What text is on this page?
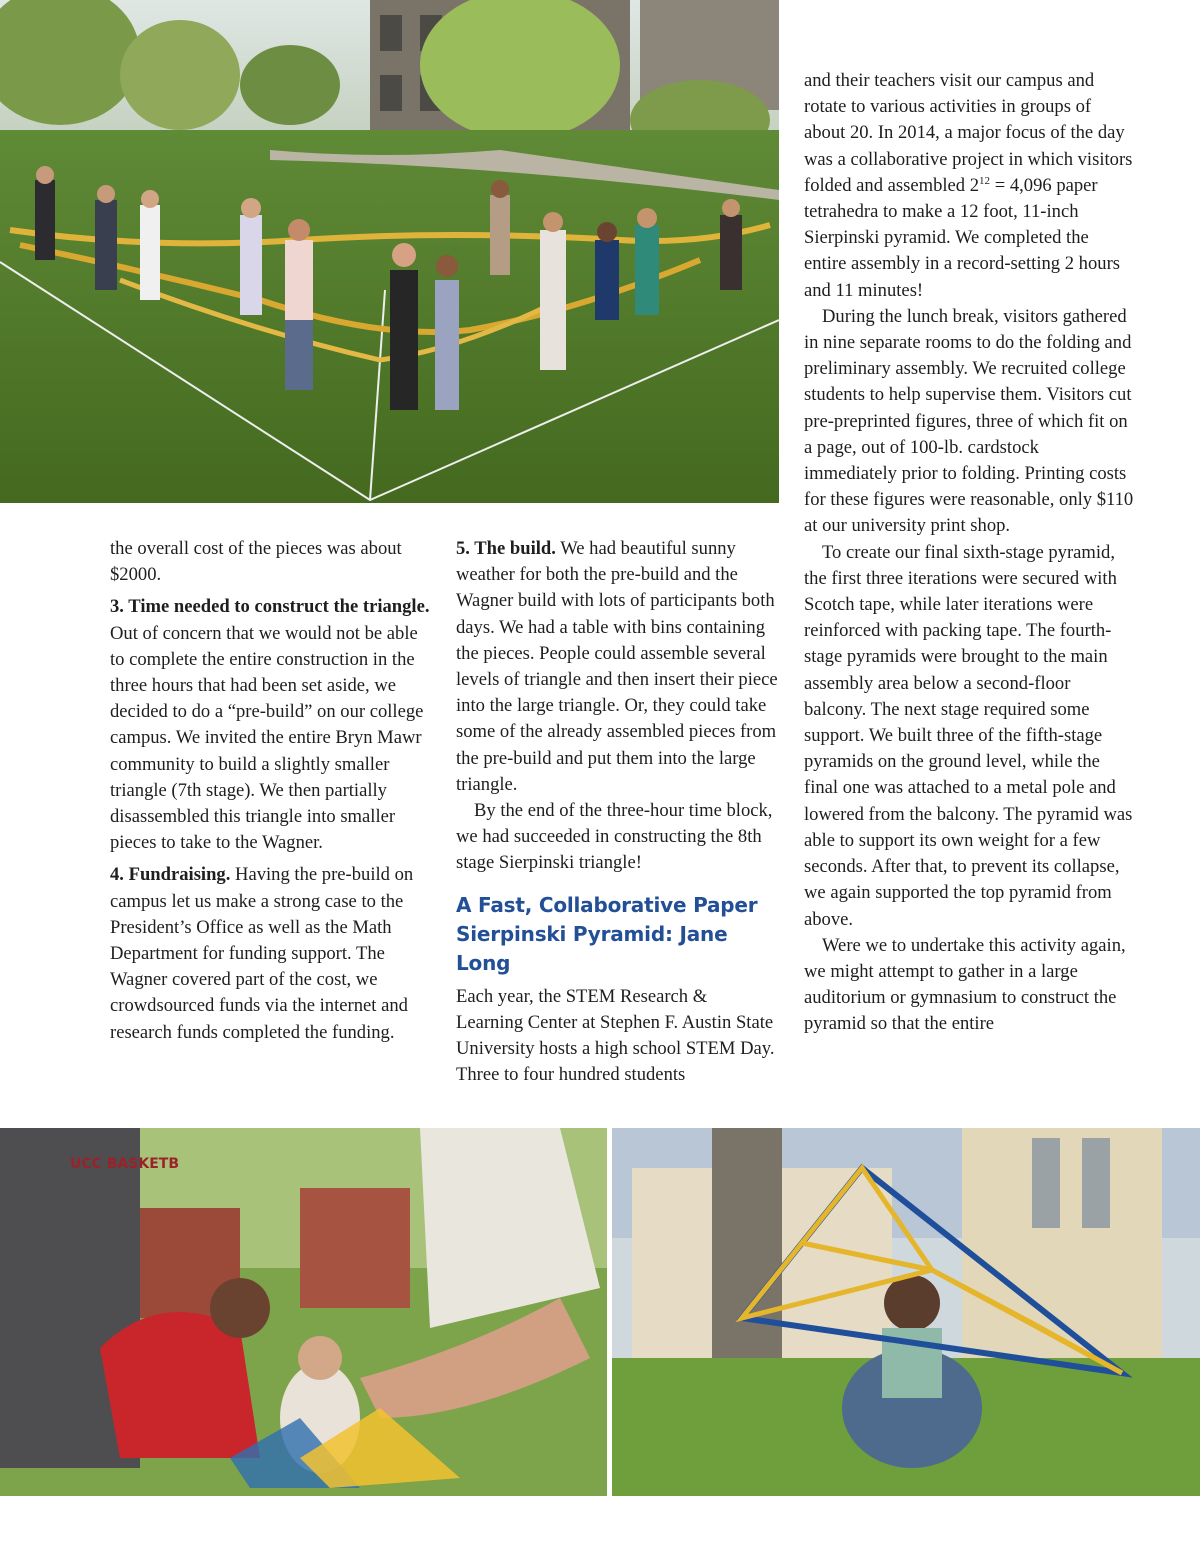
the overall cost of the pieces was about $2000.

3. Time needed to construct the triangle. Out of concern that we would not be able to complete the entire construction in the three hours that had been set aside, we decided to do a “pre-build” on our college campus. We invited the entire Bryn Mawr community to build a slightly smaller triangle (7th stage). We then partially disassembled this triangle into smaller pieces to take to the Wagner.

4. Fundraising. Having the pre-build on campus let us make a strong case to the President’s Office as well as the Math Department for funding support. The Wagner covered part of the cost, we crowdsourced funds via the internet and research funds completed the funding.

5. The build. We had beautiful sunny weather for both the pre-build and the Wagner build with lots of participants both days. We had a table with bins containing the pieces. People could assemble several levels of triangle and then insert their piece into the large triangle. Or, they could take some of the already assembled pieces from the pre-build and put them into the large triangle.

By the end of the three-hour time block, we had succeeded in constructing the 8th stage Sierpinski triangle!

A Fast, Collaborative Paper
Sierpinski Pyramid: Jane Long

Each year, the STEM Research & Learning Center at Stephen F. Austin State University hosts a high school STEM Day. Three to four hundred students

and their teachers visit our campus and rotate to various activities in groups of about 20. In 2014, a major focus of the day was a collaborative project in which visitors folded and assembled $2^{12} = 4,096$ paper tetrahedra to make a 12 foot, 11-inch Sierpinski pyramid. We completed the entire assembly in a record-setting 2 hours and 11 minutes!

During the lunch break, visitors gathered in nine separate rooms to do the folding and preliminary assembly. We recruited college students to help supervise them. Visitors cut pre-preprinted figures, three of which fit on a page, out of 100-lb. cardstock immediately prior to folding. Printing costs for these figures were reasonable, only $110 at our university print shop.

To create our final sixth-stage pyramid, the first three iterations were secured with Scotch tape, while later iterations were reinforced with packing tape. The fourth-stage pyramids were brought to the main assembly area below a second-floor balcony. The next stage required some support. We built three of the fifth-stage pyramids on the ground level, while the final one was attached to a metal pole and lowered from the balcony. The pyramid was able to support its own weight for a few seconds. After that, to prevent its collapse, we again supported the top pyramid from above.

Were we to undertake this activity again, we might attempt to gather in a large auditorium or gymnasium to construct the pyramid so that the entire

UCC BASKETB
